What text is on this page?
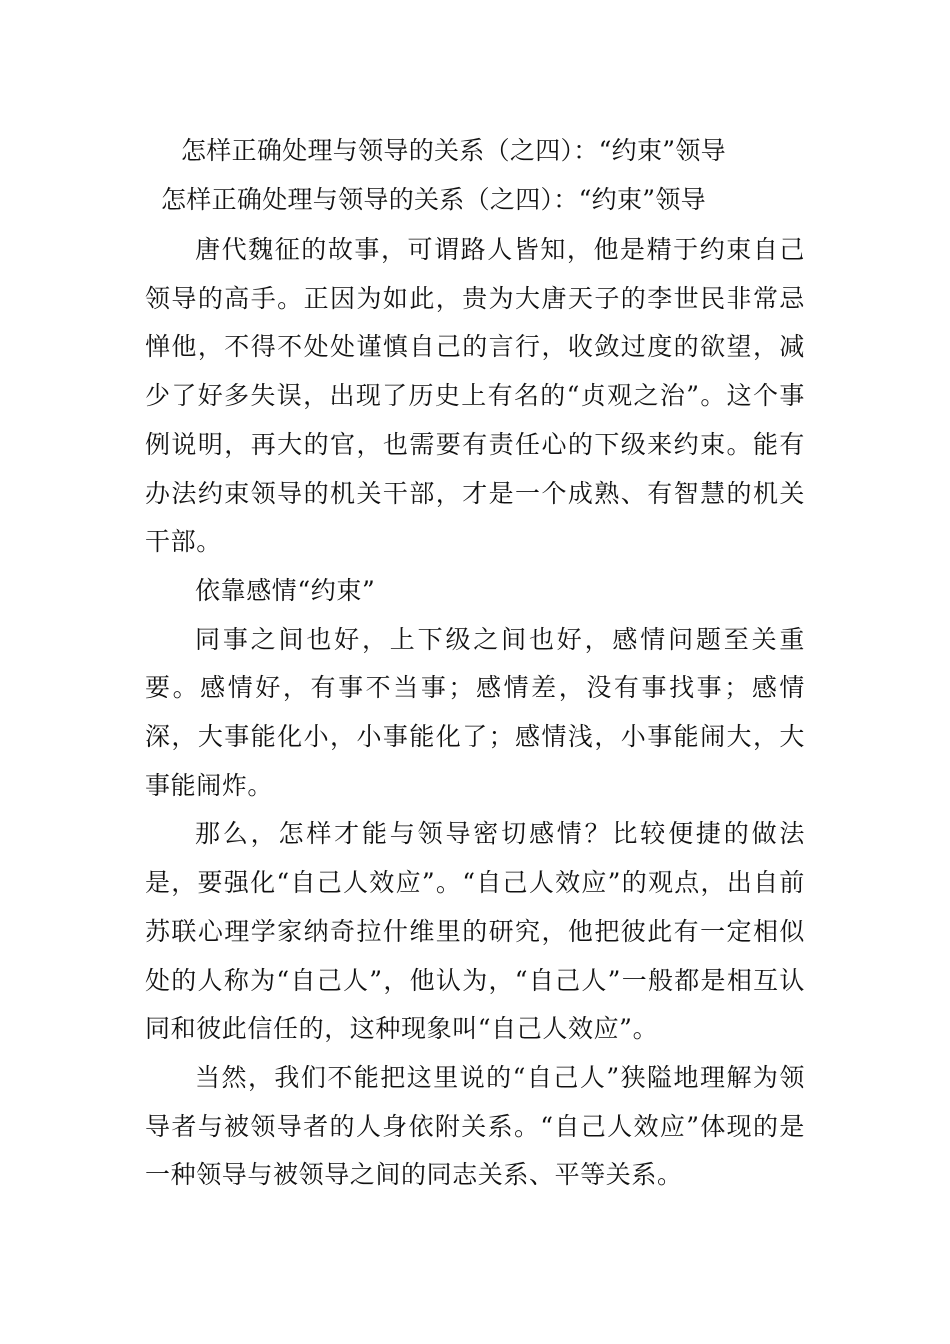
怎样正确处理与领导的关系（之四）：“约束”领导
怎样正确处理与领导的关系（之四）：“约束”领导

唐代魏征的故事，可谓路人皆知，他是精于约束自己领导的高手。正因为如此，贵为大唐天子的李世民非常忌惮他，不得不处处谨慎自己的言行，收敛过度的欲望，减少了好多失误，出现了历史上有名的“贞观之治”。这个事例说明，再大的官，也需要有责任心的下级来约束。能有办法约束领导的机关干部，才是一个成熟、有智慧的机关干部。

依靠感情“约束”

同事之间也好，上下级之间也好，感情问题至关重要。感情好，有事不当事；感情差，没有事找事；感情深，大事能化小，小事能化了；感情浅，小事能闹大，大事能闹炸。

那么，怎样才能与领导密切感情？比较便捷的做法是，要强化“自己人效应”。“自己人效应”的观点，出自前苏联心理学家纳奇拉什维里的研究，他把彼此有一定相似处的人称为“自己人”，他认为，“自己人”一般都是相互认同和彼此信任的，这种现象叫“自己人效应”。

当然，我们不能把这里说的“自己人”狭隘地理解为领导者与被领导者的人身依附关系。“自己人效应”体现的是一种领导与被领导之间的同志关系、平等关系。
